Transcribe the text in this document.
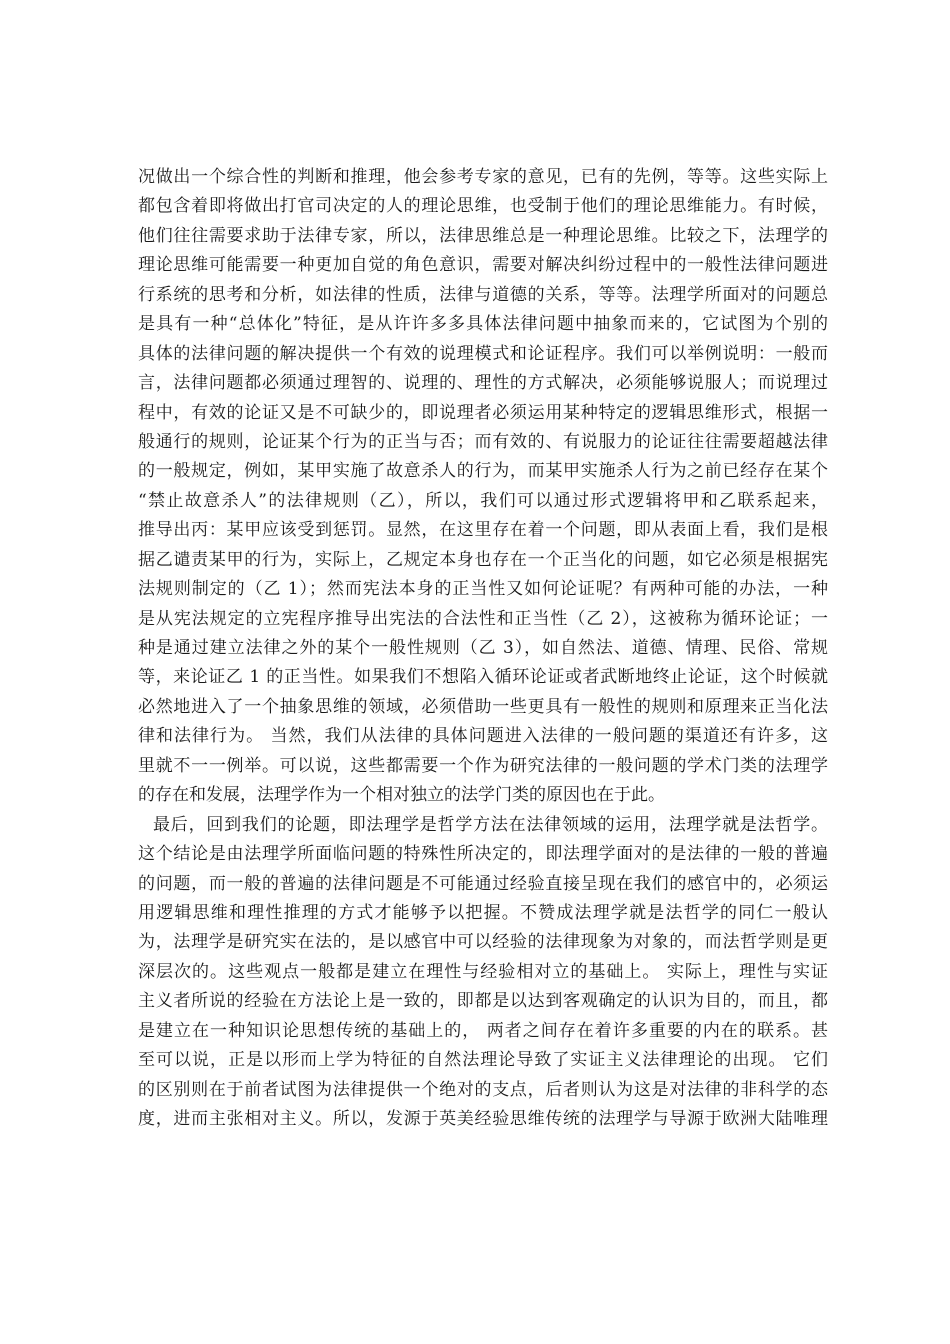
况做出一个综合性的判断和推理，他会参考专家的意见，已有的先例，等等。这些实际上
都包含着即将做出打官司决定的人的理论思维，也受制于他们的理论思维能力。有时候，
他们往往需要求助于法律专家，所以，法律思维总是一种理论思维。比较之下，法理学的
理论思维可能需要一种更加自觉的角色意识，需要对解决纠纷过程中的一般性法律问题进
行系统的思考和分析，如法律的性质，法律与道德的关系，等等。法理学所面对的问题总
是具有一种“总体化”特征，是从许许多多具体法律问题中抽象而来的，它试图为个别的
具体的法律问题的解决提供一个有效的说理模式和论证程序。我们可以举例说明：一般而
言，法律问题都必须通过理智的、说理的、理性的方式解决，必须能够说服人；而说理过
程中，有效的论证又是不可缺少的，即说理者必须运用某种特定的逻辑思维形式，根据一
般通行的规则，论证某个行为的正当与否；而有效的、有说服力的论证往往需要超越法律
的一般规定，例如，某甲实施了故意杀人的行为，而某甲实施杀人行为之前已经存在某个
“禁止故意杀人”的法律规则（乙），所以，我们可以通过形式逻辑将甲和乙联系起来，
推导出丙：某甲应该受到惩罚。显然，在这里存在着一个问题，即从表面上看，我们是根
据乙谴责某甲的行为，实际上，乙规定本身也存在一个正当化的问题，如它必须是根据宪
法规则制定的（乙 1）；然而宪法本身的正当性又如何论证呢？有两种可能的办法，一种
是从宪法规定的立宪程序推导出宪法的合法性和正当性（乙 2），这被称为循环论证；一
种是通过建立法律之外的某个一般性规则（乙 3），如自然法、道德、情理、民俗、常规
等，来论证乙 1 的正当性。如果我们不想陷入循环论证或者武断地终止论证，这个时候就
必然地进入了一个抽象思维的领域，必须借助一些更具有一般性的规则和原理来正当化法
律和法律行为。 当然，我们从法律的具体问题进入法律的一般问题的渠道还有许多，这
里就不一一例举。可以说，这些都需要一个作为研究法律的一般问题的学术门类的法理学
的存在和发展，法理学作为一个相对独立的法学门类的原因也在于此。
最后，回到我们的论题，即法理学是哲学方法在法律领域的运用，法理学就是法哲学。
这个结论是由法理学所面临问题的特殊性所决定的，即法理学面对的是法律的一般的普遍
的问题，而一般的普遍的法律问题是不可能通过经验直接呈现在我们的感官中的，必须运
用逻辑思维和理性推理的方式才能够予以把握。不赞成法理学就是法哲学的同仁一般认
为，法理学是研究实在法的，是以感官中可以经验的法律现象为对象的，而法哲学则是更
深层次的。这些观点一般都是建立在理性与经验相对立的基础上。 实际上，理性与实证
主义者所说的经验在方法论上是一致的，即都是以达到客观确定的认识为目的，而且，都
是建立在一种知识论思想传统的基础上的， 两者之间存在着许多重要的内在的联系。甚
至可以说，正是以形而上学为特征的自然法理论导致了实证主义法律理论的出现。 它们
的区别则在于前者试图为法律提供一个绝对的支点，后者则认为这是对法律的非科学的态
度，进而主张相对主义。所以，发源于英美经验思维传统的法理学与导源于欧洲大陆唯理
